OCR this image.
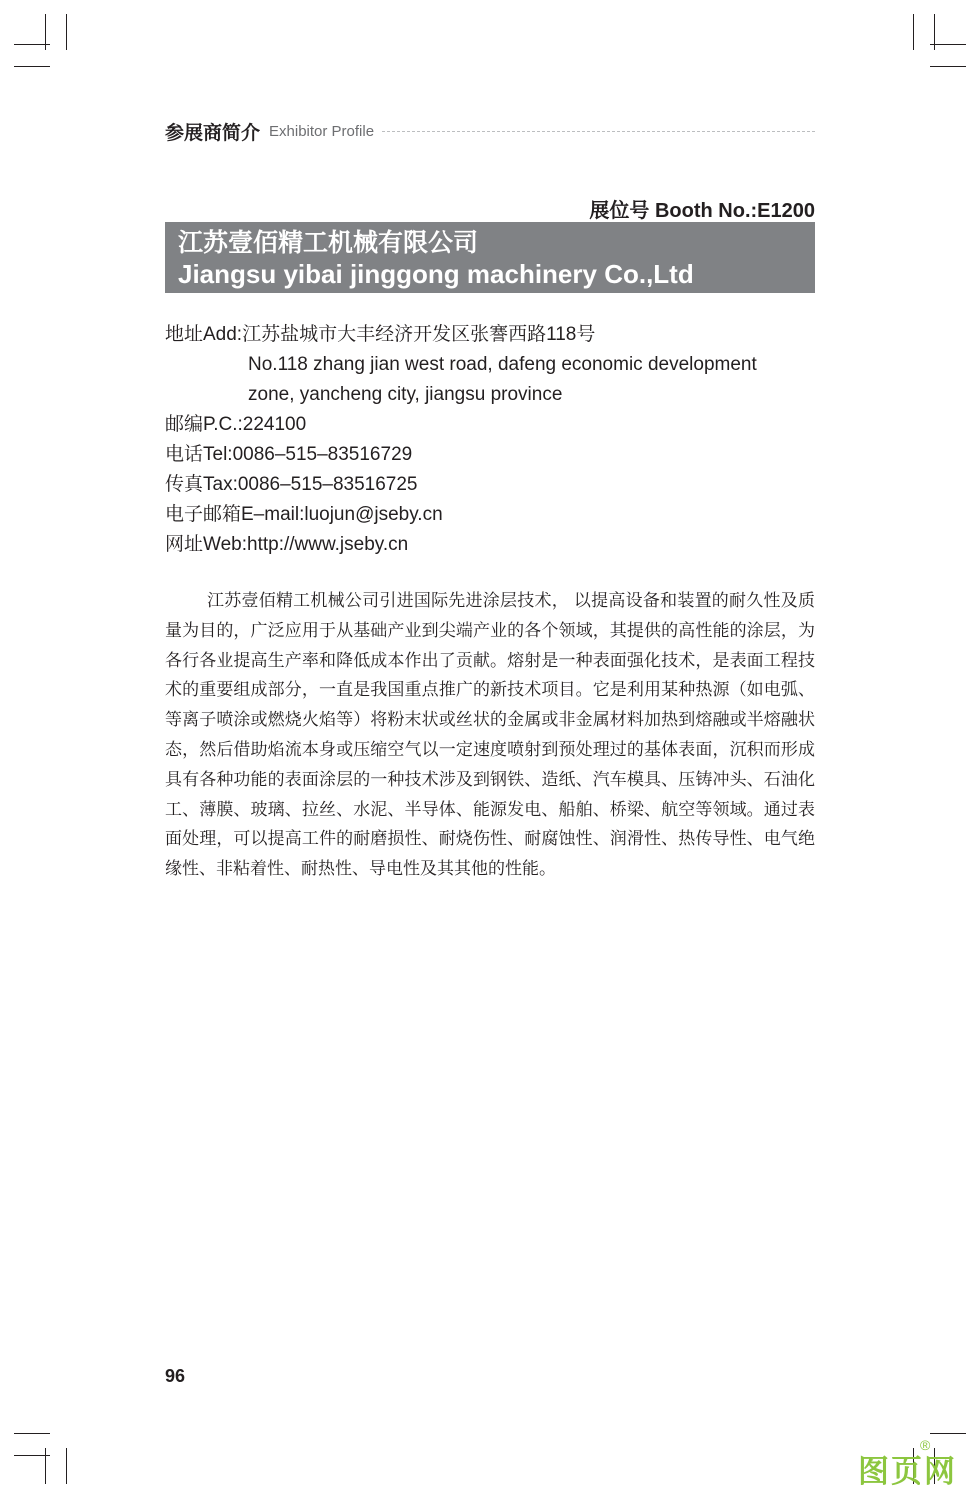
参展商简介 Exhibitor Profile
展位号 Booth No.:E1200
江苏壹佰精工机械有限公司
Jiangsu yibai jinggong machinery Co.,Ltd
地址Add:江苏盐城市大丰经济开发区张謇西路118号
No.118 zhang jian west road, dafeng economic development
zone, yancheng city, jiangsu province
邮编P.C.:224100
电话Tel:0086–515–83516729
传真Tax:0086–515–83516725
电子邮箱E–mail:luojun@jseby.cn
网址Web:http://www.jseby.cn
江苏壹佰精工机械公司引进国际先进涂层技术， 以提高设备和装置的耐久性及质量为目的，广泛应用于从基础产业到尖端产业的各个领域，其提供的高性能的涂层，为各行各业提高生产率和降低成本作出了贡献。熔射是一种表面强化技术，是表面工程技术的重要组成部分，一直是我国重点推广的新技术项目。它是利用某种热源（如电弧、等离子喷涂或燃烧火焰等）将粉末状或丝状的金属或非金属材料加热到熔融或半熔融状态，然后借助焰流本身或压缩空气以一定速度喷射到预处理过的基体表面，沉积而形成具有各种功能的表面涂层的一种技术涉及到钢铁、造纸、汽车模具、压铸冲头、石油化工、薄膜、玻璃、拉丝、水泥、半导体、能源发电、船舶、桥梁、航空等领域。通过表面处理，可以提高工件的耐磨损性、耐烧伤性、耐腐蚀性、润滑性、热传导性、电气绝缘性、非粘着性、耐热性、导电性及其其他的性能。
96
图页网
®
